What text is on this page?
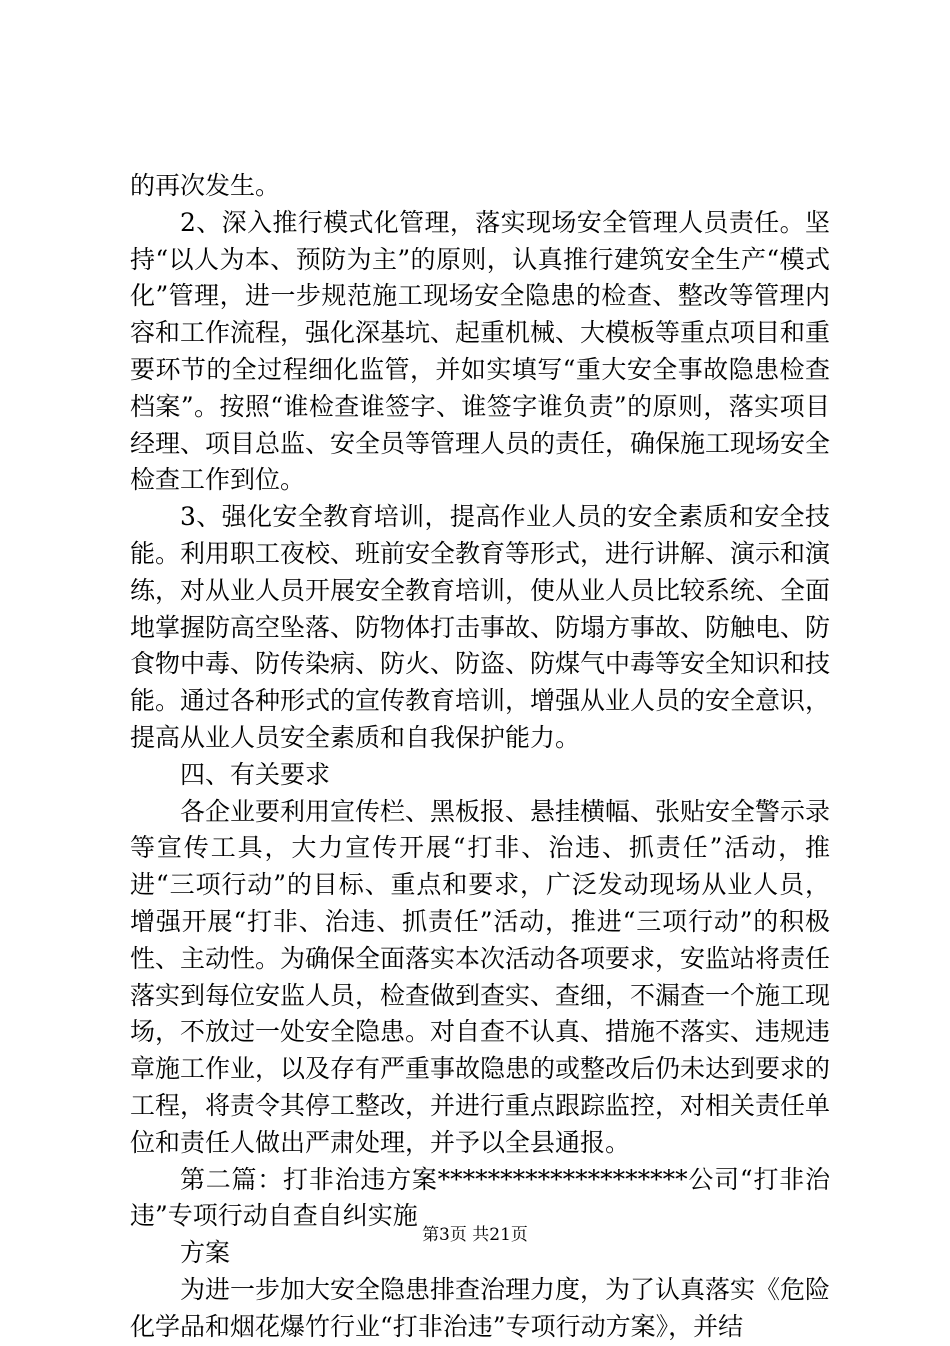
的再次发生。

2、深入推行模式化管理，落实现场安全管理人员责任。坚持“以人为本、预防为主”的原则，认真推行建筑安全生产“模式化”管理，进一步规范施工现场安全隐患的检查、整改等管理内容和工作流程，强化深基坑、起重机械、大模板等重点项目和重要环节的全过程细化监管，并如实填写“重大安全事故隐患检查档案”。按照“谁检查谁签字、谁签字谁负责”的原则，落实项目经理、项目总监、安全员等管理人员的责任，确保施工现场安全检查工作到位。

3、强化安全教育培训，提高作业人员的安全素质和安全技能。利用职工夜校、班前安全教育等形式，进行讲解、演示和演练，对从业人员开展安全教育培训，使从业人员比较系统、全面地掌握防高空坠落、防物体打击事故、防塌方事故、防触电、防食物中毒、防传染病、防火、防盗、防煤气中毒等安全知识和技能。通过各种形式的宣传教育培训，增强从业人员的安全意识，提高从业人员安全素质和自我保护能力。

四、有关要求

各企业要利用宣传栏、黑板报、悬挂横幅、张贴安全警示录等宣传工具，大力宣传开展“打非、治违、抓责任”活动，推进“三项行动”的目标、重点和要求，广泛发动现场从业人员，增强开展“打非、治违、抓责任”活动，推进“三项行动”的积极性、主动性。为确保全面落实本次活动各项要求，安监站将责任落实到每位安监人员，检查做到查实、查细，不漏查一个施工现场，不放过一处安全隐患。对自查不认真、措施不落实、违规违章施工作业，以及存有严重事故隐患的或整改后仍未达到要求的工程，将责令其停工整改，并进行重点跟踪监控，对相关责任单位和责任人做出严肃处理，并予以全县通报。

第二篇：打非治违方案********************公司“打非治违”专项行动自查自纠实施

方案

为进一步加大安全隐患排查治理力度，为了认真落实《危险化学品和烟花爆竹行业“打非治违”专项行动方案》，并结

第3页 共21页
